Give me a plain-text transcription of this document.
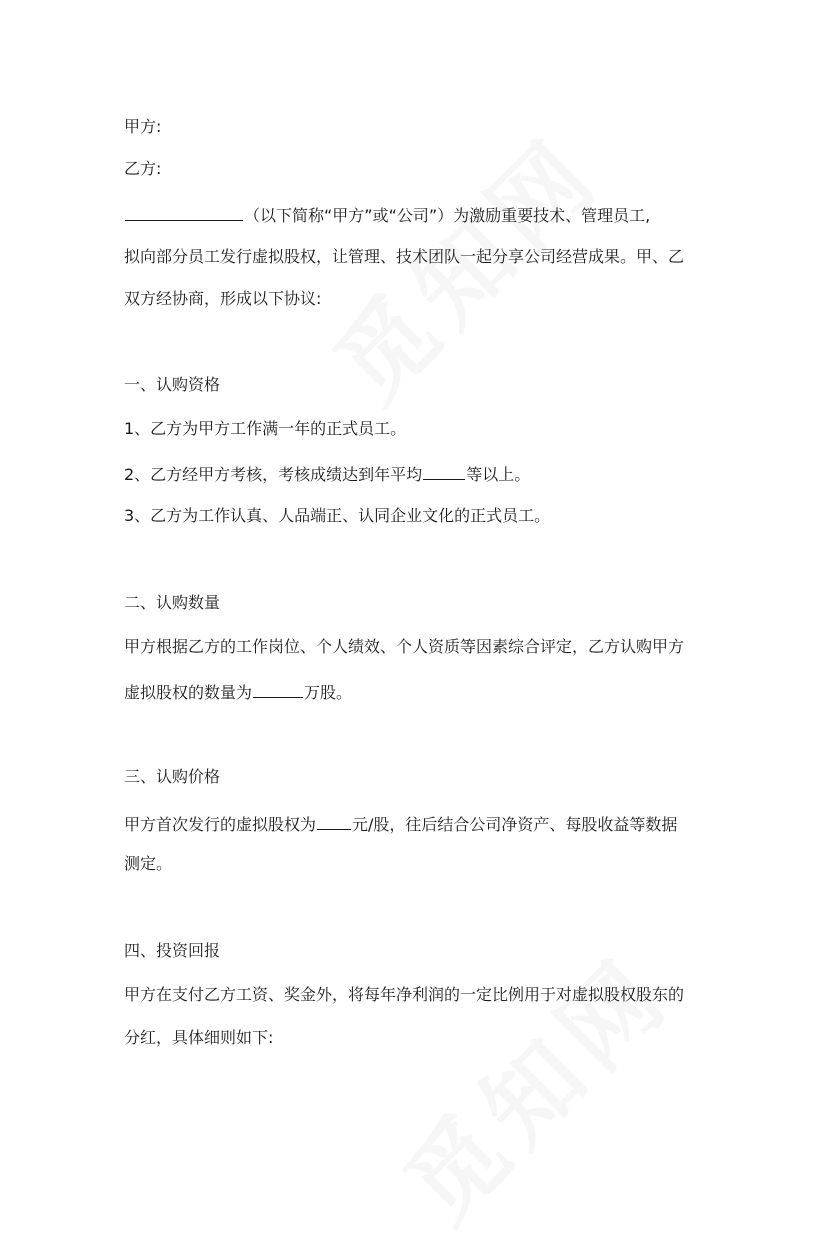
甲方:

乙方:

（以下简称“甲方”或“公司”）为激励重要技术、管理员工,

拟向部分员工发行虚拟股权，让管理、技术团队一起分享公司经营成果。甲、乙

双方经协商，形成以下协议:

一、认购资格

1、乙方为甲方工作满一年的正式员工。

2、乙方经甲方考核，考核成绩达到年平均	等以上。

3、乙方为工作认真、人品端正、认同企业文化的正式员工。

二、认购数量

甲方根据乙方的工作岗位、个人绩效、个人资质等因素综合评定，乙方认购甲方

虚拟股权的数量为	万股。

三、认购价格

甲方首次发行的虚拟股权为 元/股，往后结合公司净资产、每股收益等数据

测定。

四、投资回报

甲方在支付乙方工资、奖金外，将每年净利润的一定比例用于对虚拟股权股东的

分红，具体细则如下:
